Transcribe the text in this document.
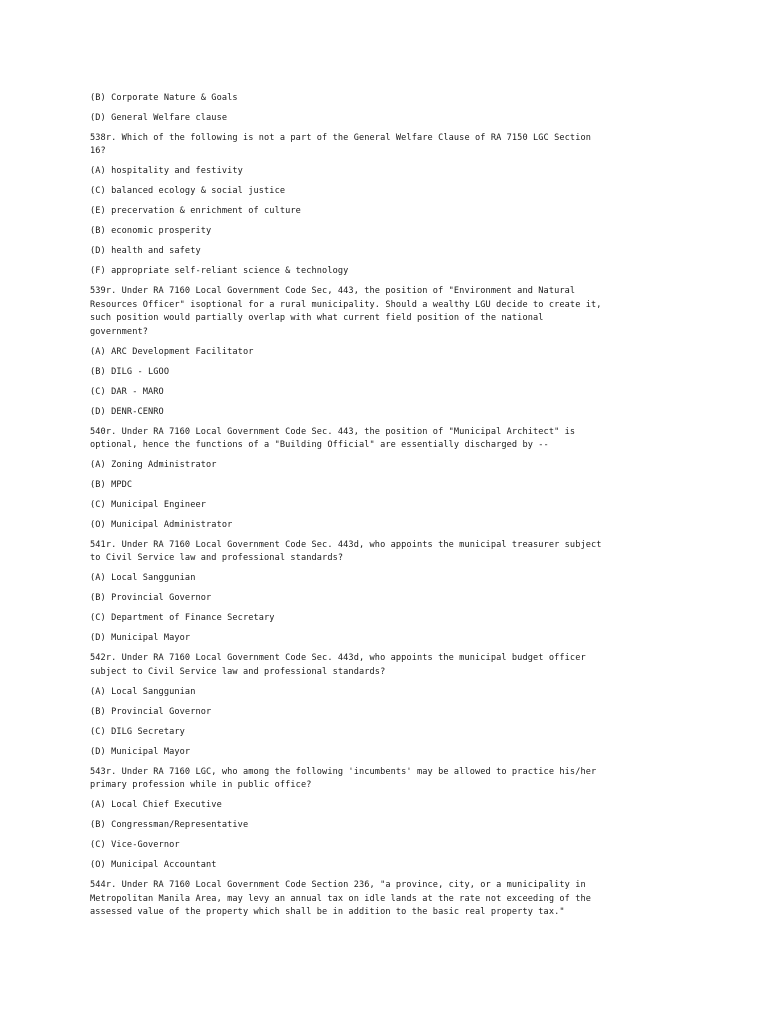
(B) Corporate Nature & Goals
(D) General Welfare clause
538r. Which of the following is not a part of the General Welfare Clause of RA 7150 LGC Section
16?
(A) hospitality and festivity
(C) balanced ecology & social justice
(E) precervation & enrichment of culture
(B) economic prosperity
(D) health and safety
(F) appropriate self-reliant science & technology
539r. Under RA 7160 Local Government Code Sec, 443, the position of "Environment and Natural
Resources Officer" isoptional for a rural municipality. Should a wealthy LGU decide to create it,
such position would partially overlap with what current field position of the national
government?
(A) ARC Development Facilitator
(B) DILG - LGOO
(C) DAR - MARO
(D) DENR-CENRO
540r. Under RA 7160 Local Government Code Sec. 443, the position of "Municipal Architect" is
optional, hence the functions of a "Building Official" are essentially discharged by --
(A) Zoning Administrator
(B) MPDC
(C) Municipal Engineer
(O) Municipal Administrator
541r. Under RA 7160 Local Government Code Sec. 443d, who appoints the municipal treasurer subject
to Civil Service law and professional standards?
(A) Local Sanggunian
(B) Provincial Governor
(C) Department of Finance Secretary
(D) Municipal Mayor
542r. Under RA 7160 Local Government Code Sec. 443d, who appoints the municipal budget officer
subject to Civil Service law and professional standards?
(A) Local Sanggunian
(B) Provincial Governor
(C) DILG Secretary
(D) Municipal Mayor
543r. Under RA 7160 LGC, who among the following 'incumbents' may be allowed to practice his/her
primary profession while in public office?
(A) Local Chief Executive
(B) Congressman/Representative
(C) Vice-Governor
(O) Municipal Accountant
544r. Under RA 7160 Local Government Code Section 236, "a province, city, or a municipality in
Metropolitan Manila Area, may levy an annual tax on idle lands at the rate not exceeding of the
assessed value of the property which shall be in addition to the basic real property tax."
